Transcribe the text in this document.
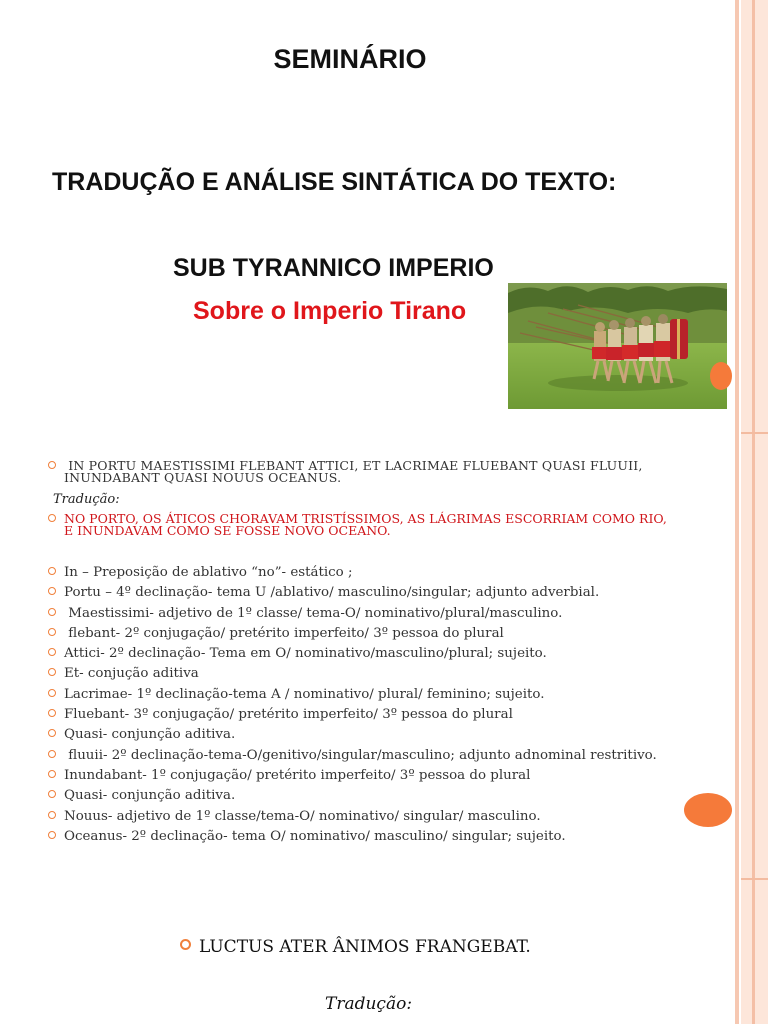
SEMINÁRIO
TRADUÇÃO E ANÁLISE SINTÁTICA DO TEXTO:
SUB TYRANNICO IMPERIO
Sobre o Imperio Tirano
IN PORTU MAESTISSIMI FLEBANT ATTICI, ET LACRIMAE FLUEBANT QUASI FLUUII,
INUNDABANT QUASI NOUUS OCEANUS.
Tradução:
NO PORTO, OS ÁTICOS CHORAVAM TRISTÍSSIMOS, AS LÁGRIMAS ESCORRIAM COMO RIO,
E INUNDAVAM COMO SE FOSSE NOVO OCEANO.
In – Preposição de ablativo “no”- estático ;
Portu – 4º declinação- tema U /ablativo/ masculino/singular; adjunto adverbial.
Maestissimi- adjetivo de 1º classe/ tema-O/ nominativo/plural/masculino.
flebant- 2º conjugação/ pretérito imperfeito/ 3º pessoa do plural
Attici- 2º declinação- Tema em O/ nominativo/masculino/plural; sujeito.
Et- conjução aditiva
Lacrimae- 1º declinação-tema A / nominativo/ plural/ feminino; sujeito.
Fluebant- 3º conjugação/ pretérito imperfeito/ 3º pessoa do plural
Quasi- conjunção aditiva.
fluuii- 2º declinação-tema-O/genitivo/singular/masculino; adjunto adnominal restritivo.
Inundabant- 1º conjugação/ pretérito imperfeito/ 3º pessoa do plural
Quasi- conjunção aditiva.
Nouus- adjetivo de 1º classe/tema-O/ nominativo/ singular/ masculino.
Oceanus- 2º declinação- tema O/ nominativo/ masculino/ singular; sujeito.
LUCTUS ATER ÂNIMOS FRANGEBAT.
Tradução:
